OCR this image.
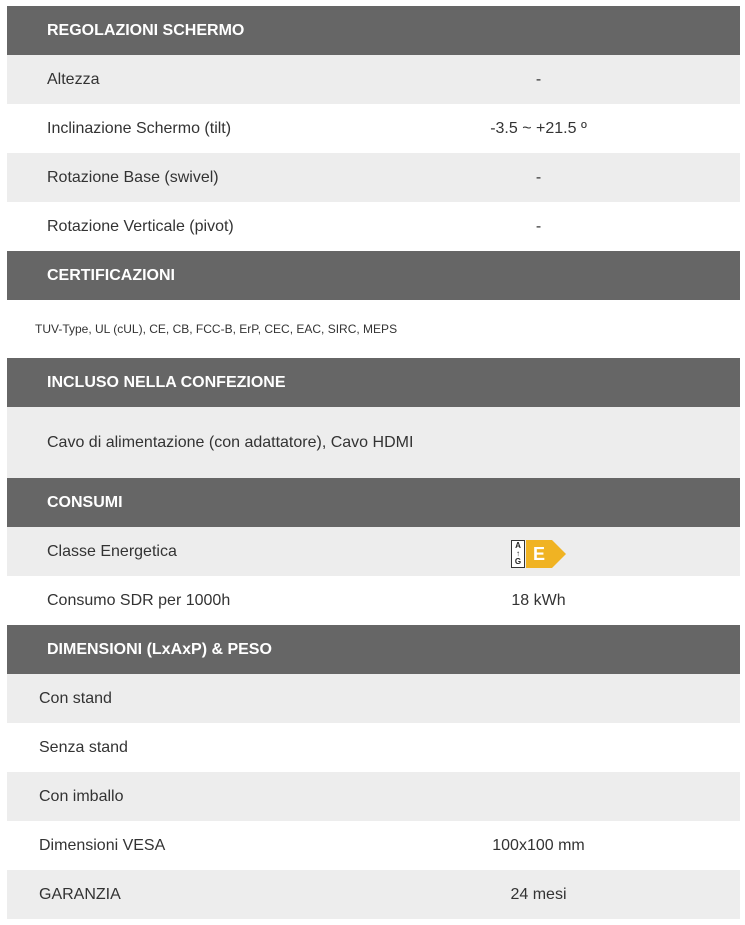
REGOLAZIONI SCHERMO
Altezza	-
Inclinazione Schermo (tilt)	-3.5 ~ +21.5 º
Rotazione Base (swivel)	-
Rotazione Verticale (pivot)	-
CERTIFICAZIONI
TUV-Type, UL (cUL), CE, CB, FCC-B, ErP, CEC, EAC, SIRC, MEPS
INCLUSO NELLA CONFEZIONE
Cavo di alimentazione (con adattatore), Cavo HDMI
CONSUMI
Classe Energetica	A
↑
G E
Consumo SDR per 1000h	18 kWh
DIMENSIONI (LxAxP) & PESO
Con stand
Senza stand
Con imballo
Dimensioni VESA	100x100 mm
GARANZIA	24 mesi
